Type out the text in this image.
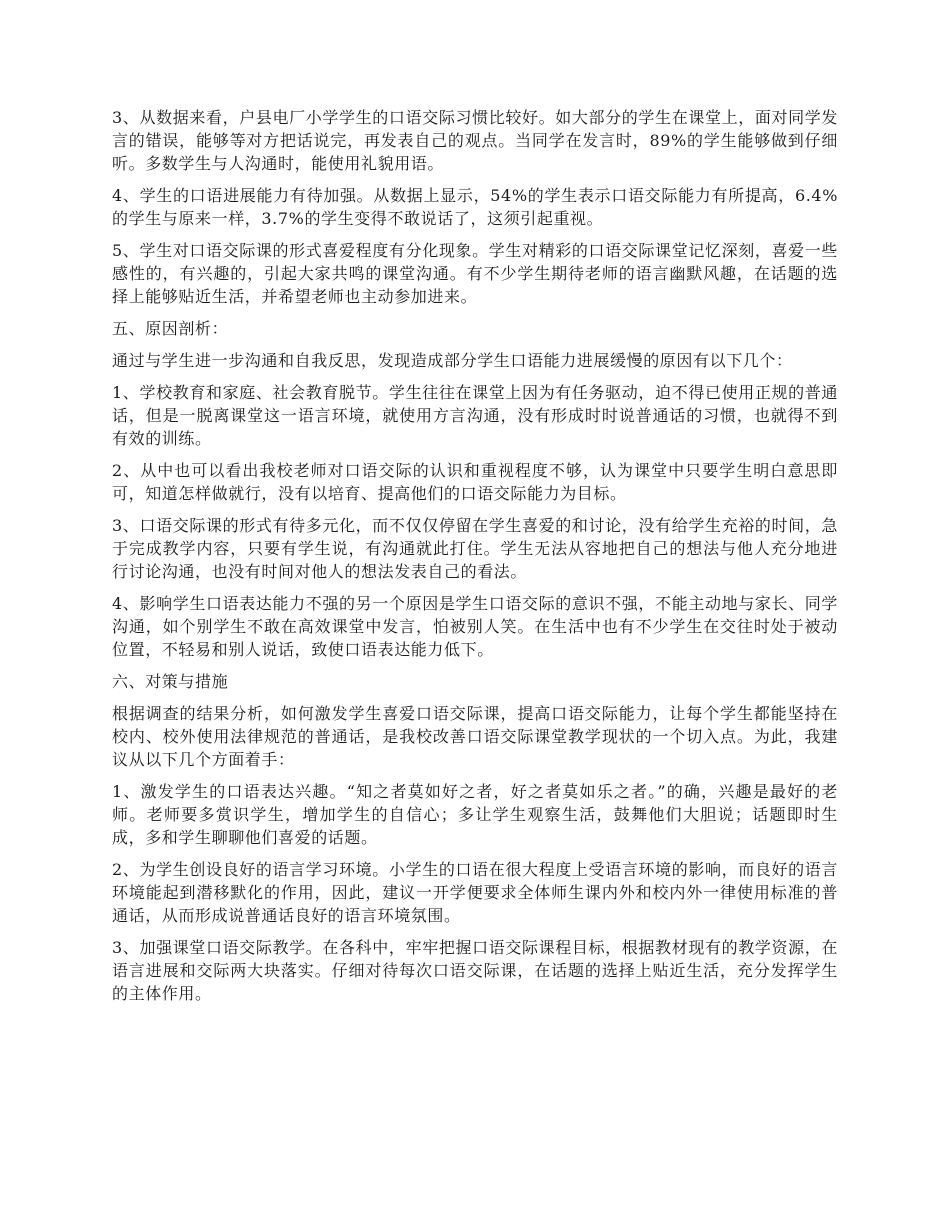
3、从数据来看，户县电厂小学学生的口语交际习惯比较好。如大部分的学生在课堂上，面对同学发言的错误，能够等对方把话说完，再发表自己的观点。当同学在发言时，89%的学生能够做到仔细听。多数学生与人沟通时，能使用礼貌用语。

4、学生的口语进展能力有待加强。从数据上显示，54%的学生表示口语交际能力有所提高，6.4%的学生与原来一样，3.7%的学生变得不敢说话了，这须引起重视。

5、学生对口语交际课的形式喜爱程度有分化现象。学生对精彩的口语交际课堂记忆深刻，喜爱一些感性的，有兴趣的，引起大家共鸣的课堂沟通。有不少学生期待老师的语言幽默风趣，在话题的选择上能够贴近生活，并希望老师也主动参加进来。

五、原因剖析：

通过与学生进一步沟通和自我反思，发现造成部分学生口语能力进展缓慢的原因有以下几个：

1、学校教育和家庭、社会教育脱节。学生往往在课堂上因为有任务驱动，迫不得已使用正规的普通话，但是一脱离课堂这一语言环境，就使用方言沟通，没有形成时时说普通话的习惯，也就得不到有效的训练。

2、从中也可以看出我校老师对口语交际的认识和重视程度不够，认为课堂中只要学生明白意思即可，知道怎样做就行，没有以培育、提高他们的口语交际能力为目标。

3、口语交际课的形式有待多元化，而不仅仅停留在学生喜爱的和讨论，没有给学生充裕的时间，急于完成教学内容，只要有学生说，有沟通就此打住。学生无法从容地把自己的想法与他人充分地进行讨论沟通，也没有时间对他人的想法发表自己的看法。

4、影响学生口语表达能力不强的另一个原因是学生口语交际的意识不强，不能主动地与家长、同学沟通，如个别学生不敢在高效课堂中发言，怕被别人笑。在生活中也有不少学生在交往时处于被动位置，不轻易和别人说话，致使口语表达能力低下。

六、对策与措施

根据调查的结果分析，如何激发学生喜爱口语交际课，提高口语交际能力，让每个学生都能坚持在校内、校外使用法律规范的普通话，是我校改善口语交际课堂教学现状的一个切入点。为此，我建议从以下几个方面着手：

1、激发学生的口语表达兴趣。“知之者莫如好之者，好之者莫如乐之者。”的确，兴趣是最好的老师。老师要多赏识学生，增加学生的自信心；多让学生观察生活，鼓舞他们大胆说；话题即时生成，多和学生聊聊他们喜爱的话题。

2、为学生创设良好的语言学习环境。小学生的口语在很大程度上受语言环境的影响，而良好的语言环境能起到潜移默化的作用，因此，建议一开学便要求全体师生课内外和校内外一律使用标准的普通话，从而形成说普通话良好的语言环境氛围。

3、加强课堂口语交际教学。在各科中，牢牢把握口语交际课程目标，根据教材现有的教学资源，在语言进展和交际两大块落实。仔细对待每次口语交际课，在话题的选择上贴近生活，充分发挥学生的主体作用。
